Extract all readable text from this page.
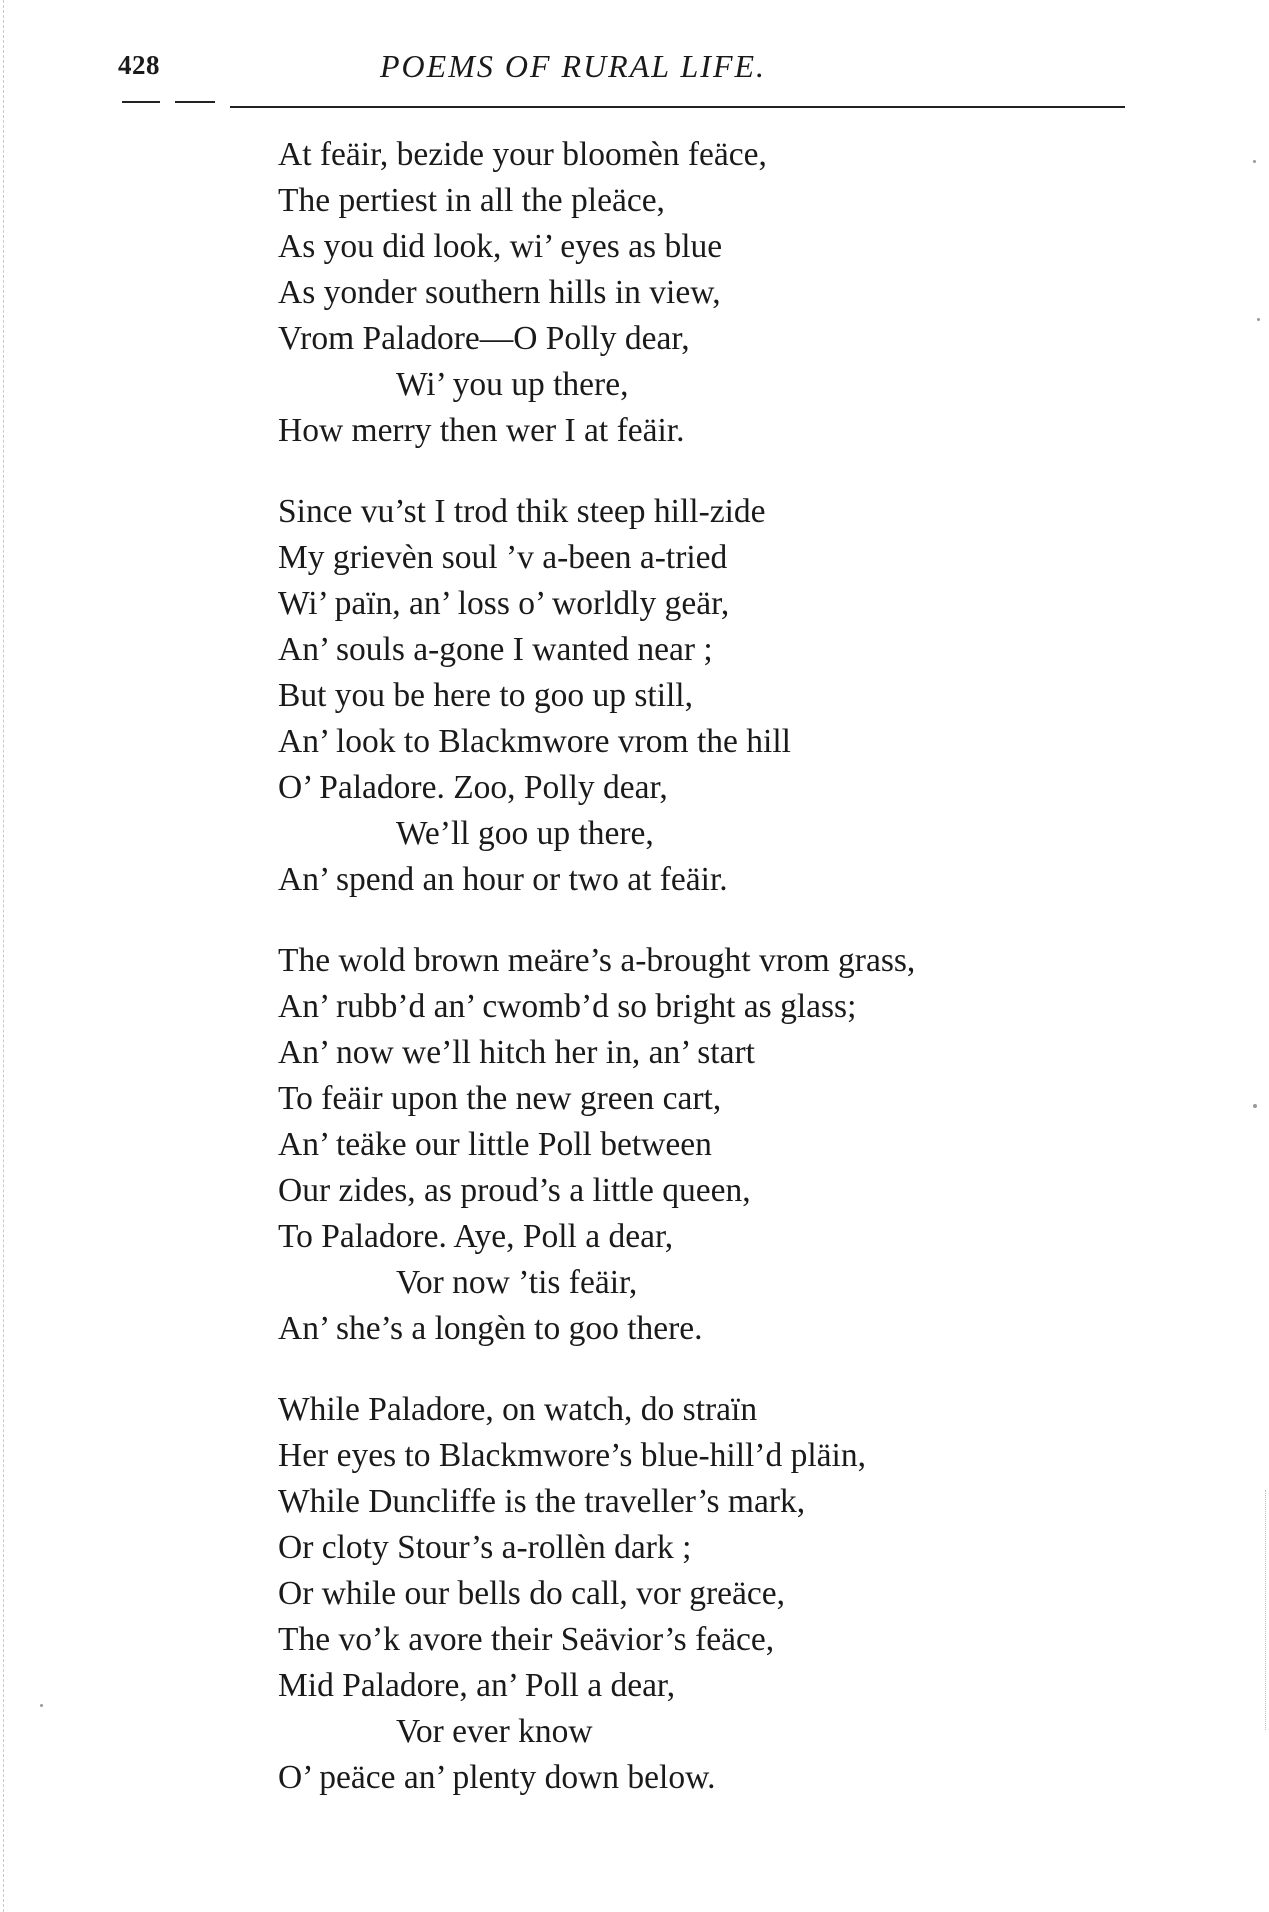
428	POEMS OF RURAL LIFE.
At feäir, bezide your bloomèn feäce,
The pertiest in all the pleäce,
As you did look, wi’ eyes as blue
As yonder southern hills in view,
Vrom Paladore—O Polly dear,
Wi’ you up there,
How merry then wer I at feäir.
Since vu’st I trod thik steep hill-zide
My grievèn soul ’v a-been a-tried
Wi’ païn, an’ loss o’ worldly geär,
An’ souls a-gone I wanted near ;
But you be here to goo up still,
An’ look to Blackmwore vrom the hill
O’ Paladore. Zoo, Polly dear,
We’ll goo up there,
An’ spend an hour or two at feäir.
The wold brown meäre’s a-brought vrom grass,
An’ rubb’d an’ cwomb’d so bright as glass;
An’ now we’ll hitch her in, an’ start
To feäir upon the new green cart,
An’ teäke our little Poll between
Our zides, as proud’s a little queen,
To Paladore. Aye, Poll a dear,
Vor now ’tis feäir,
An’ she’s a longèn to goo there.
While Paladore, on watch, do straïn
Her eyes to Blackmwore’s blue-hill’d pläin,
While Duncliffe is the traveller’s mark,
Or cloty Stour’s a-rollèn dark ;
Or while our bells do call, vor greäce,
The vo’k avore their Seävior’s feäce,
Mid Paladore, an’ Poll a dear,
Vor ever know
O’ peäce an’ plenty down below.
